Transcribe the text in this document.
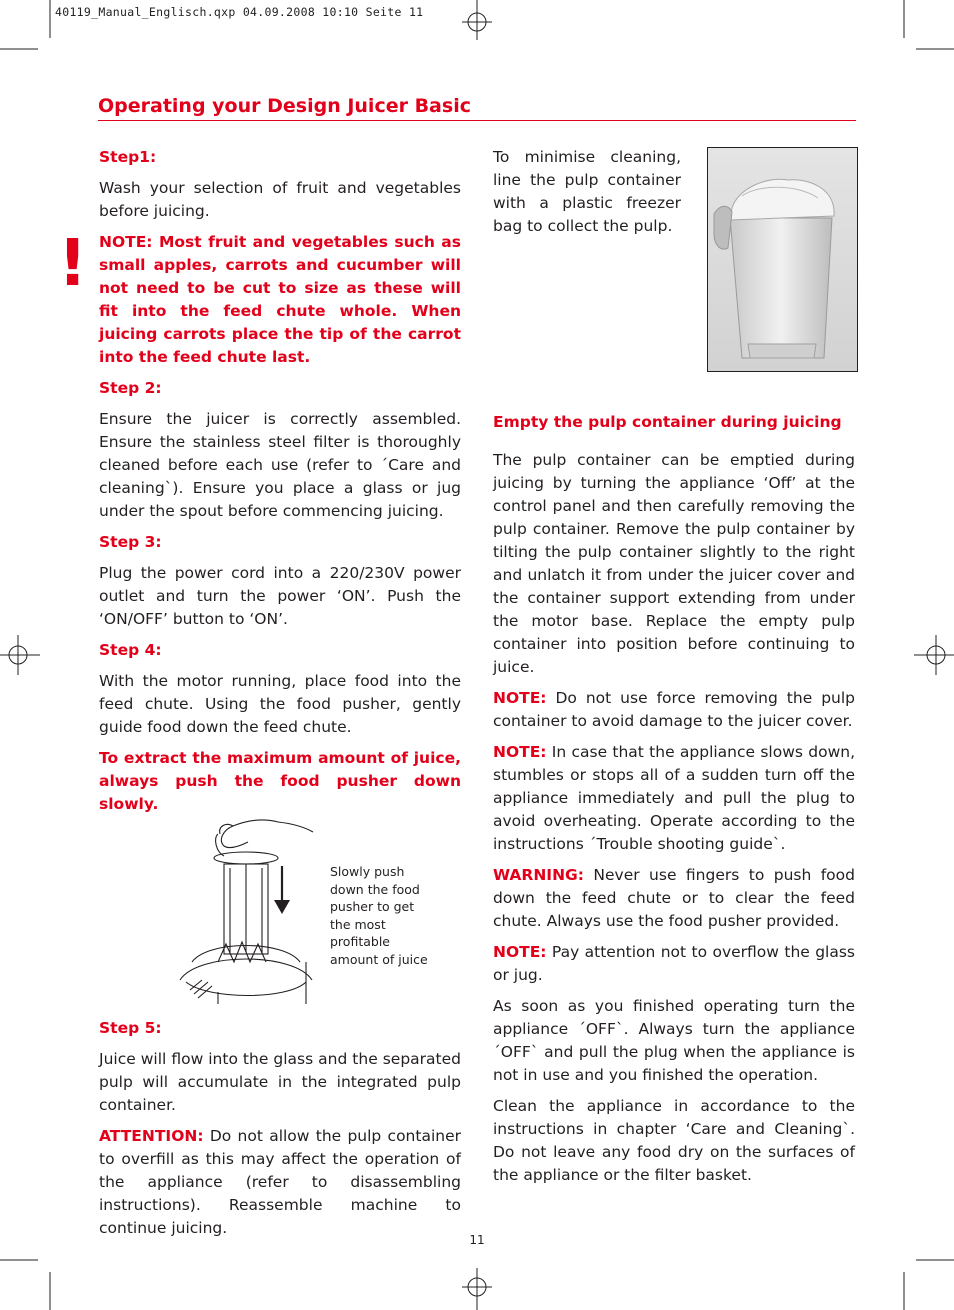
40119_Manual_Englisch.qxp 04.09.2008 10:10 Seite 11
Operating your Design Juicer Basic
!

Step1:

Wash your selection of fruit and vegetables before juicing.

NOTE: Most fruit and vegetables such as small apples, carrots and cucumber will not need to be cut to size as these will fit into the feed chute whole. When juicing carrots place the tip of the carrot into the feed chute last.

Step 2:

Ensure the juicer is correctly assembled. Ensure the stainless steel filter is thoroughly cleaned before each use (refer to ´Care and cleaning`). Ensure you place a glass or jug under the spout before commencing juicing.

Step 3:

Plug the power cord into a 220/230V power outlet and turn the power ‘ON’. Push the ‘ON/OFF’ button to ‘ON’.

Step 4:

With the motor running, place food into the feed chute. Using the food pusher, gently guide food down the feed chute.

To extract the maximum amount of juice, always push the food pusher down slowly.

Slowly push down the food pusher to get the most profitable amount of juice

Step 5:

Juice will flow into the glass and the separated pulp will accumulate in the integrated pulp container.

ATTENTION: Do not allow the pulp container to overfill as this may affect the operation of the appliance (refer to disassembling instructions). Reassemble machine to continue juicing.

To minimise cleaning, line the pulp container with a plastic freezer bag to collect the pulp.

Empty the pulp container during juicing

The pulp container can be emptied during juicing by turning the appliance ‘Off’ at the control panel and then carefully removing the pulp container. Remove the pulp container by tilting the pulp container slightly to the right and unlatch it from under the juicer cover and the container support extending from under the motor base. Replace the empty pulp container into position before continuing to juice.

NOTE: Do not use force removing the pulp container to avoid damage to the juicer cover.

NOTE: In case that the appliance slows down, stumbles or stops all of a sudden turn off the appliance immediately and pull the plug to avoid overheating. Operate according to the instructions ´Trouble shooting guide`.

WARNING: Never use fingers to push food down the feed chute or to clear the feed chute. Always use the food pusher provided.

NOTE: Pay attention not to overflow the glass or jug.

As soon as you finished operating turn the appliance ´OFF`. Always turn the appliance ´OFF` and pull the plug when the appliance is not in use and you finished the operation.

Clean the appliance in accordance to the instructions in chapter ‘Care and Cleaning`. Do not leave any food dry on the surfaces of the appliance or the filter basket.

11
